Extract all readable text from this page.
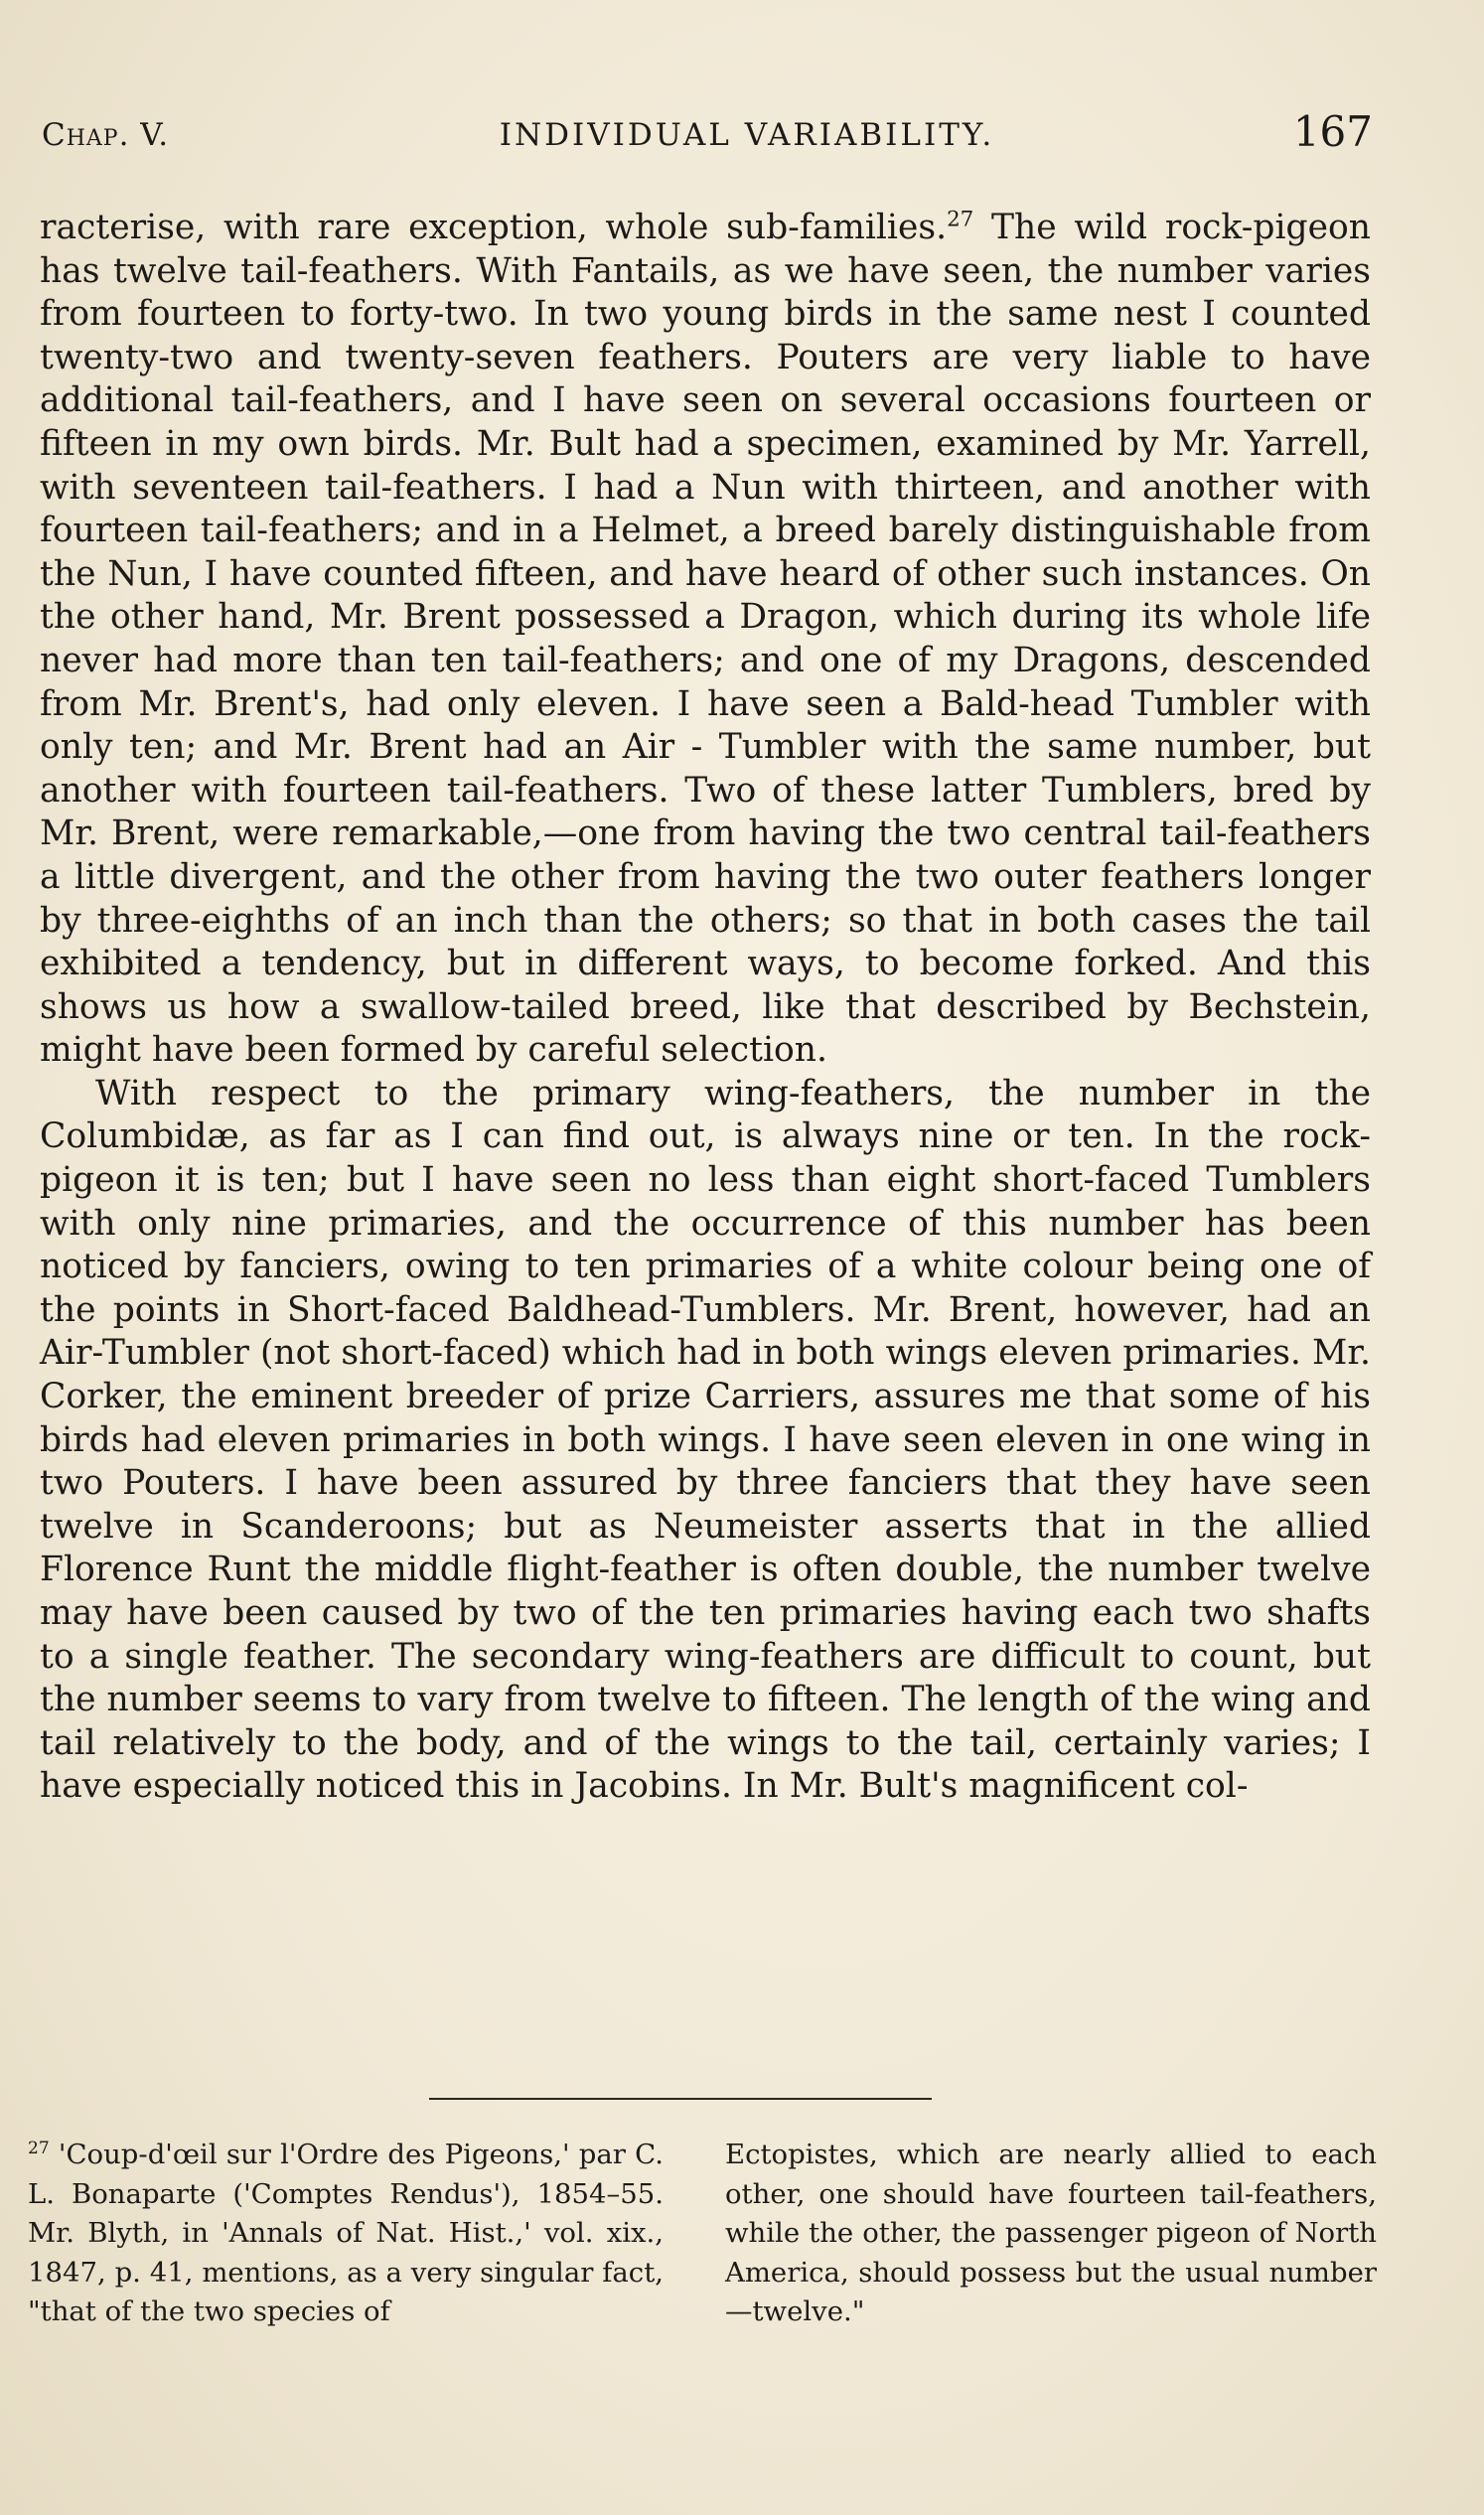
Chap. V.	INDIVIDUAL VARIABILITY.	167

racterise, with rare exception, whole sub-families.$^{27}$ The wild rock-pigeon has twelve tail-feathers. With Fantails, as we have seen, the number varies from fourteen to forty-two. In two young birds in the same nest I counted twenty-two and twenty-seven feathers. Pouters are very liable to have additional tail-feathers, and I have seen on several occasions fourteen or fifteen in my own birds. Mr. Bult had a specimen, examined by Mr. Yarrell, with seventeen tail-feathers. I had a Nun with thirteen, and another with fourteen tail-feathers; and in a Helmet, a breed barely distinguishable from the Nun, I have counted fifteen, and have heard of other such instances. On the other hand, Mr. Brent possessed a Dragon, which during its whole life never had more than ten tail-feathers; and one of my Dragons, descended from Mr. Brent's, had only eleven. I have seen a Bald-head Tumbler with only ten; and Mr. Brent had an Air - Tumbler with the same number, but another with fourteen tail-feathers. Two of these latter Tumblers, bred by Mr. Brent, were remarkable,—one from having the two central tail-feathers a little divergent, and the other from having the two outer feathers longer by three-eighths of an inch than the others; so that in both cases the tail exhibited a tendency, but in different ways, to become forked. And this shows us how a swallow-tailed breed, like that described by Bechstein, might have been formed by careful selection.

With respect to the primary wing-feathers, the number in the Columbidæ, as far as I can find out, is always nine or ten. In the rock-pigeon it is ten; but I have seen no less than eight short-faced Tumblers with only nine primaries, and the occurrence of this number has been noticed by fanciers, owing to ten primaries of a white colour being one of the points in Short-faced Baldhead-Tumblers. Mr. Brent, however, had an Air-Tumbler (not short-faced) which had in both wings eleven primaries. Mr. Corker, the eminent breeder of prize Carriers, assures me that some of his birds had eleven primaries in both wings. I have seen eleven in one wing in two Pouters. I have been assured by three fanciers that they have seen twelve in Scanderoons; but as Neumeister asserts that in the allied Florence Runt the middle flight-feather is often double, the number twelve may have been caused by two of the ten primaries having each two shafts to a single feather. The secondary wing-feathers are difficult to count, but the number seems to vary from twelve to fifteen. The length of the wing and tail relatively to the body, and of the wings to the tail, certainly varies; I have especially noticed this in Jacobins. In Mr. Bult's magnificent col-

$^{27}$ 'Coup-d'œil sur l'Ordre des Pigeons,' par C. L. Bonaparte ('Comptes Rendus'), 1854–55. Mr. Blyth, in 'Annals of Nat. Hist.,' vol. xix., 1847, p. 41, mentions, as a very singular fact, "that of the two species of

Ectopistes, which are nearly allied to each other, one should have fourteen tail-feathers, while the other, the passenger pigeon of North America, should possess but the usual number —twelve."
